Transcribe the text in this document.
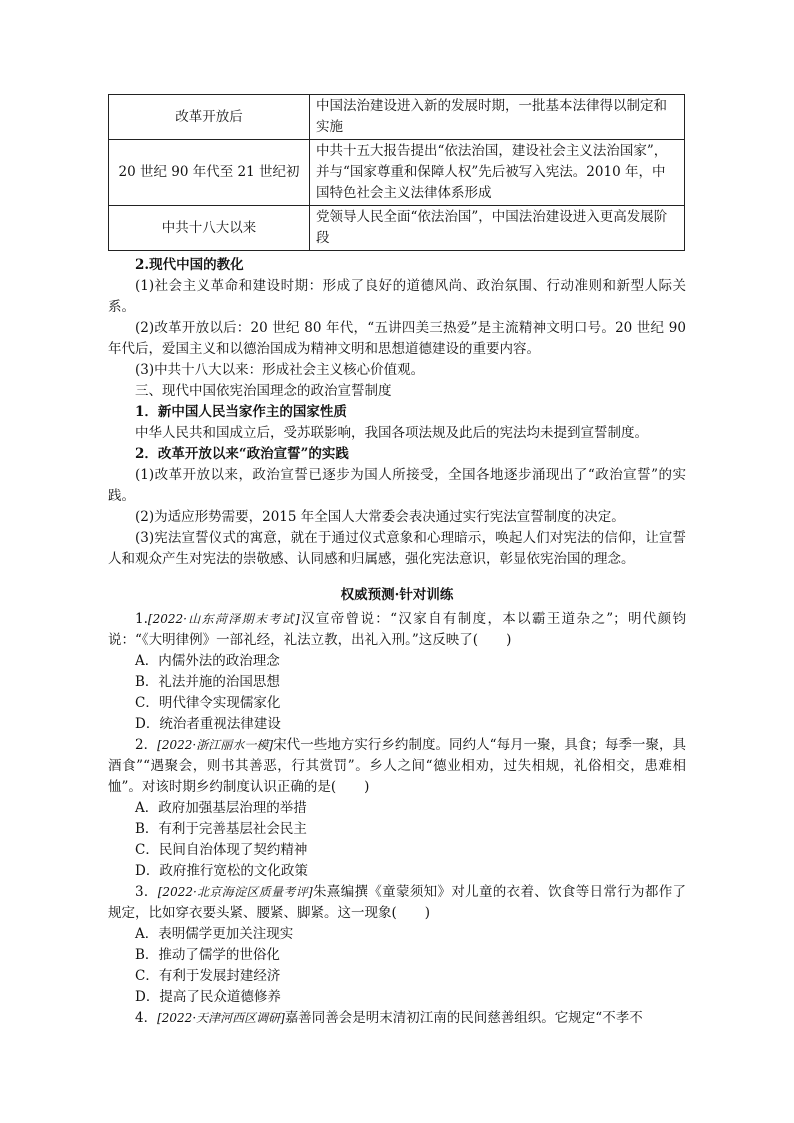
改革开放后	中国法治建设进入新的发展时期，一批基本法律得以制定和实施
20 世纪 90 年代至 21 世纪初	中共十五大报告提出“依法治国，建设社会主义法治国家”，并与“国家尊重和保障人权”先后被写入宪法。2010 年，中国特色社会主义法律体系形成
中共十八大以来	党领导人民全面“依法治国”，中国法治建设进入更高发展阶段

2.现代中国的教化

(1)社会主义革命和建设时期：形成了良好的道德风尚、政治氛围、行动准则和新型人际关系。

(2)改革开放以后：20 世纪 80 年代，“五讲四美三热爱”是主流精神文明口号。20 世纪 90 年代后，爱国主义和以德治国成为精神文明和思想道德建设的重要内容。

(3)中共十八大以来：形成社会主义核心价值观。

三、现代中国依宪治国理念的政治宣誓制度

1．新中国人民当家作主的国家性质

中华人民共和国成立后，受苏联影响，我国各项法规及此后的宪法均未提到宣誓制度。

2．改革开放以来“政治宣誓”的实践

(1)改革开放以来，政治宣誓已逐步为国人所接受，全国各地逐步涌现出了“政治宣誓”的实践。

(2)为适应形势需要，2015 年全国人大常委会表决通过实行宪法宣誓制度的决定。

(3)宪法宣誓仪式的寓意，就在于通过仪式意象和心理暗示，唤起人们对宪法的信仰，让宣誓人和观众产生对宪法的崇敬感、认同感和归属感，强化宪法意识，彰显依宪治国的理念。

权威预测·针对训练

1.[2022·山东菏泽期末考试]汉宣帝曾说：“汉家自有制度，本以霸王道杂之”；明代颜钧说：“《大明律例》一部礼经，礼法立教，出礼入刑。”这反映了( )

A．内儒外法的政治理念

B．礼法并施的治国思想

C．明代律令实现儒家化

D．统治者重视法律建设

2．[2022·浙江丽水一模]宋代一些地方实行乡约制度。同约人“每月一聚，具食；每季一聚，具酒食”“遇聚会，则书其善恶，行其赏罚”。乡人之间“德业相劝，过失相规，礼俗相交，患难相恤”。对该时期乡约制度认识正确的是( )

A．政府加强基层治理的举措

B．有利于完善基层社会民主

C．民间自治体现了契约精神

D．政府推行宽松的文化政策

3．[2022·北京海淀区质量考评]朱熹编撰《童蒙须知》对儿童的衣着、饮食等日常行为都作了规定，比如穿衣要头紧、腰紧、脚紧。这一现象( )

A．表明儒学更加关注现实

B．推动了儒学的世俗化

C．有利于发展封建经济

D．提高了民众道德修养

4．[2022·天津河西区调研]嘉善同善会是明末清初江南的民间慈善组织。它规定“不孝不
